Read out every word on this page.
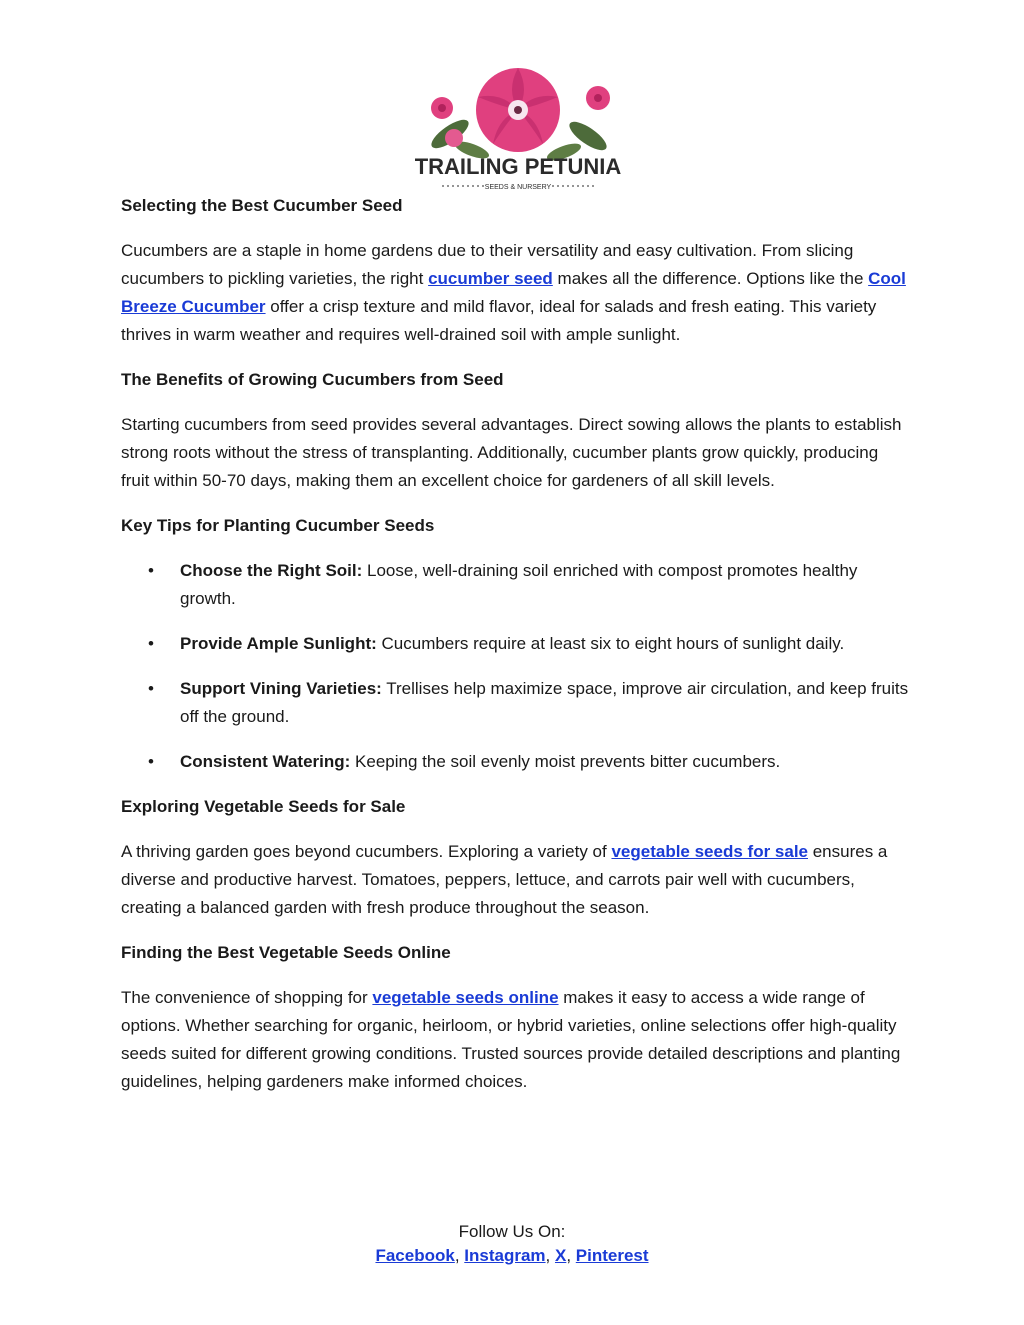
TRAILING PETUNIA
SEEDS & NURSERY
Selecting the Best Cucumber Seed

Cucumbers are a staple in home gardens due to their versatility and easy cultivation. From slicing cucumbers to pickling varieties, the right cucumber seed makes all the difference. Options like the Cool Breeze Cucumber offer a crisp texture and mild flavor, ideal for salads and fresh eating. This variety thrives in warm weather and requires well-drained soil with ample sunlight.

The Benefits of Growing Cucumbers from Seed

Starting cucumbers from seed provides several advantages. Direct sowing allows the plants to establish strong roots without the stress of transplanting. Additionally, cucumber plants grow quickly, producing fruit within 50-70 days, making them an excellent choice for gardeners of all skill levels.

Key Tips for Planting Cucumber Seeds
• Choose the Right Soil: Loose, well-draining soil enriched with compost promotes healthy growth.
• Provide Ample Sunlight: Cucumbers require at least six to eight hours of sunlight daily.
• Support Vining Varieties: Trellises help maximize space, improve air circulation, and keep fruits off the ground.
• Consistent Watering: Keeping the soil evenly moist prevents bitter cucumbers.
Exploring Vegetable Seeds for Sale

A thriving garden goes beyond cucumbers. Exploring a variety of vegetable seeds for sale ensures a diverse and productive harvest. Tomatoes, peppers, lettuce, and carrots pair well with cucumbers, creating a balanced garden with fresh produce throughout the season.

Finding the Best Vegetable Seeds Online

The convenience of shopping for vegetable seeds online makes it easy to access a wide range of options. Whether searching for organic, heirloom, or hybrid varieties, online selections offer high-quality seeds suited for different growing conditions. Trusted sources provide detailed descriptions and planting guidelines, helping gardeners make informed choices.

Follow Us On:
Facebook, Instagram, X, Pinterest
